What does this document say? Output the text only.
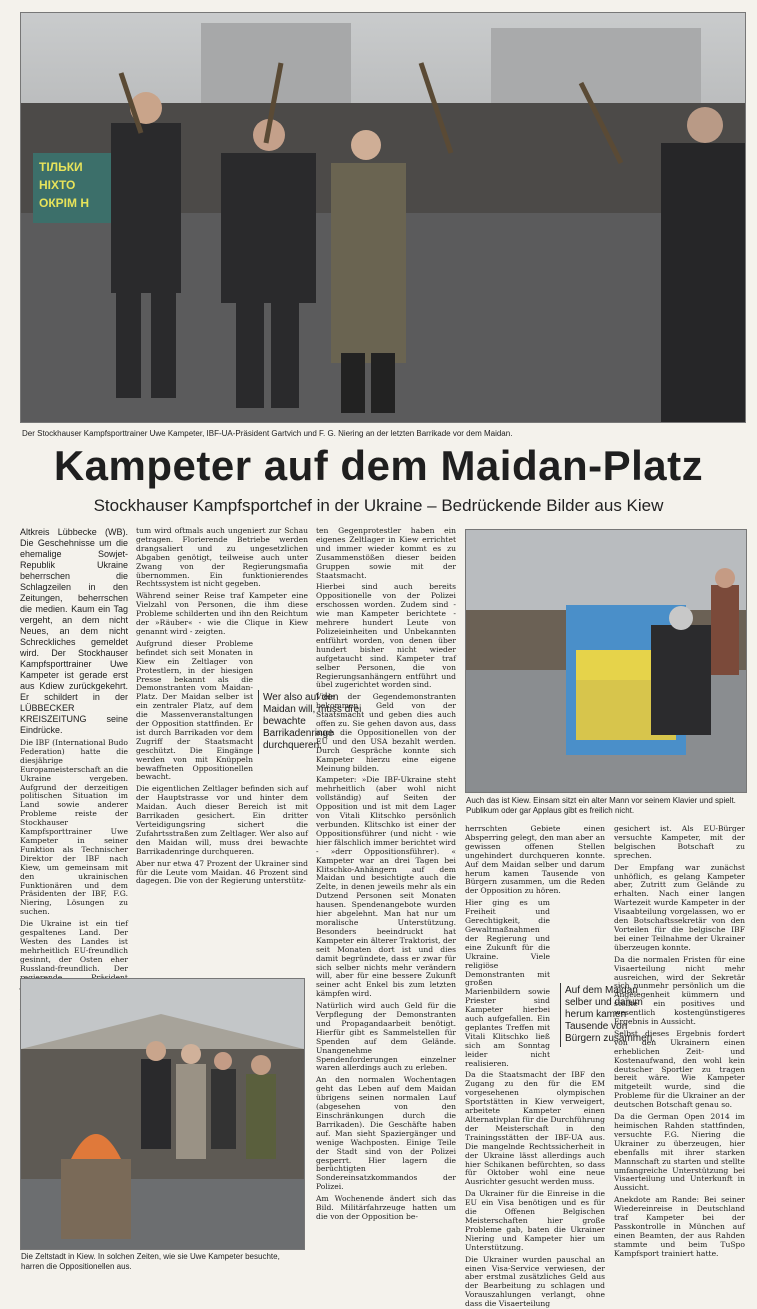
ТІЛЬКИ
НІХТО
ОКРІМ Н
Der Stockhauser Kampfsporttrainer Uwe Kampeter, IBF-UA-Präsident Gartvich und F. G. Niering an der letzten Barrikade vor dem Maidan.
Kampeter auf dem Maidan-Platz
Stockhauser Kampfsportchef in der Ukraine – Bedrückende Bilder aus Kiew

Altkreis Lübbecke (WB). Die Geschehnisse um die ehemalige Sowjet-Republik Ukraine beherrschen die Schlagzeilen in den Zeitungen, beherrschen die medien. Kaum ein Tag vergeht, an dem nicht Neues, an dem nicht Schreckliches gemeldet wird. Der Stockhauser Kampfsporttrainer Uwe Kampeter ist gerade erst aus Kdiew zurückgekehrt. Er schildert in der LÜBBECKER KREISZEITUNG seine Eindrücke.

Die IBF (International Budo Federation) hatte die diesjährige Europameisterschaft an die Ukraine vergeben. Aufgrund der derzeitigen politischen Situation im Land sowie anderer Probleme reiste der Stockhauser Kampfsporttrainer Uwe Kampeter in seiner Funktion als Technischer Direktor der IBF nach Kiew, um gemeinsam mit den ukrainischen Funktionären und dem Präsidenten der IBF, F.G. Niering, Lösungen zu suchen.

Die Ukraine ist ein tief gespaltenes Land. Der Westen des Landes ist mehrheitlich EU-freundlich gesinnt, der Osten eher Russland-freundlich. Der

tum wird oftmals auch ungeniert zur Schau getragen. Florierende Betriebe werden drangsaliert und zu ungesetzlichen Abgaben genötigt, teilweise auch unter Zwang von der Regierungsmafia übernommen. Ein funktionierendes Rechtssystem ist nicht gegeben.

Während seiner Reise traf Kampeter eine Vielzahl von Personen, die ihm diese Probleme schilderten und ihn den Reichtum der »Räuber« - wie die Clique in Kiew genannt wird - zeigten.

Aufgrund dieser Probleme befindet sich seit Monaten in Kiew ein Zeltlager von Protestlern, in der hiesigen Presse bekannt als die Demonstranten vom Maidan-Platz. Der Maidan selber ist ein zentraler Platz, auf dem die Massenveranstaltungen der Opposition stattfinden. Er ist durch Barrikaden vor dem Zugriff der Staatsmacht geschützt. Die Eingänge werden von mit Knüppeln bewaffneten Oppositionellen bewacht.

Die eigentlichen Zeltlager befinden sich auf der Hauptstrasse vor und hinter dem Maidan. Auch dieser Bereich ist mit Barrikaden gesichert. Ein dritter Verteidigungsring sichert die Zufahrtsstraßen zum Zeltlager. Wer also auf den Maidan will, muss drei bewachte Barrikadenringe durchqueren.

Aber nur etwa 47 Prozent der Ukrainer sind für die Leute vom Maidan. 46 Prozent sind dagegen. Die von der Regierung unterstütz-

Wer also auf den Maidan will, muss drei bewachte Barrikadenringe durchqueren.

ten Gegenprotestler haben ein eigenes Zeltlager in Kiew errichtet und immer wieder kommt es zu Zusammenstößen dieser beiden Gruppen sowie mit der Staatsmacht.

Hierbei sind auch bereits Oppositionelle von der Polizei erschossen worden. Zudem sind - wie man Kampeter berichtete - mehrere hundert Leute von Polizeieinheiten und Unbekannten entführt worden, von denen über hundert bisher nicht wieder aufgetaucht sind. Kampeter traf selber Personen, die von Regierungsanhängern entführt und übel zugerichtet worden sind.

Viele der Gegendemonstranten bekommen Geld von der Staatsmacht und geben dies auch offen zu. Sie gehen davon aus, dass auch die Oppositionellen von der EU und den USA bezahlt werden. Durch Gespräche konnte sich Kampeter hierzu eine eigene Meinung bilden.

Kampeter: »Die IBF-Ukraine steht mehrheitlich (aber wohl nicht vollständig) auf Seiten der Opposition und ist mit dem Lager von Vitali Klitschko persönlich verbunden. Klitschko ist einer der Oppositionsführer (und nicht - wie hier fälschlich immer berichtet wird - »derr Oppositionsführer). « Kampeter war an drei Tagen bei Klitschko-Anhängern auf dem Maidan und besichtigte auch die Zelte, in denen jeweils mehr als ein Dutzend Personen seit Monaten hausen. Spendenangebote wurden hier abgelehnt. Man hat nur um moralische Unterstützung. Besonders beeindruckt hat Kampeter ein älterer Traktorist, der seit Monaten dort ist und dies damit begründete, dass er zwar für sich selber nichts mehr verändern will, aber für eine bessere Zukunft seiner acht Enkel bis zum letzten kämpfen wird.

Natürlich wird auch Geld für die Verpflegung der Demonstranten und Propagandaarbeit benötigt. Hierfür gibt es Sammelstellen für Spenden auf dem Gelände. Unangenehme Spendenforderungen einzelner waren allerdings auch zu erleben.

An den normalen Wochentagen geht das Leben auf dem Maidan übrigens seinen normalen Lauf (abgesehen von den Einschränkungen durch die Barrikaden). Die Geschäfte haben auf. Man sieht Spaziergänger und wenige Wachposten. Einige Teile der Stadt sind von der Polizei gesperrt. Hier lagern die berüchtigten Sondereinsatzkommandos der Polizei.

Am Wochenende ändert sich das Bild. Militärfahrzeuge hatten um die von der Opposition be-

Auch das ist Kiew. Einsam sitzt ein alter Mann vor seinem Klavier und spielt. Publikum oder gar Applaus gibt es freilich nicht.

herrschten Gebiete einen Absperring gelegt, den man aber an gewissen offenen Stellen ungehindert durchqueren konnte. Auf dem Maidan selber und darum herum kamen Tausende von Bürgern zusammen, um die Reden der Opposition zu hören.

Hier ging es um Freiheit und Gerechtigkeit, die Gewaltmaßnahmen der Regierung und eine Zukunft für die Ukraine. Viele religiöse Demonstranten mit großen Marienbildern sowie Priester sind Kampeter hierbei auch aufgefallen. Ein geplantes Treffen mit Vitali Klitschko ließ sich am Sonntag leider nicht realisieren.

Da die Staatsmacht der IBF den Zugang zu den für die EM vorgesehenen olympischen Sportstätten in Kiew verweigert, arbeitete Kampeter einen Alternativplan für die Durchführung der Meisterschaft in den Trainingsstätten der IBF-UA aus. Die mangelnde Rechtssicherheit in der Ukraine lässt allerdings auch hier Schikanen befürchten, so dass für Oktober wohl eine neue Ausrichter gesucht werden muss.

Da Ukrainer für die Einreise in die EU ein Visa benötigen und es für die Offenen Belgischen Meisterschaften hier große Probleme gab, baten die Ukrainer Niering und Kampeter hier um Unterstützung.

Die Ukrainer wurden pauschal an einen Visa-Service verwiesen, der aber erstmal zusätzliches Geld aus der Bearbeitung zu schlagen und Vorauszahlungen verlangt, ohne dass die Visaerteilung

Auf dem Maidan selber und darum herum kamen Tausende von Bürgern zusammen.

gesichert ist. Als EU-Bürger versuchte Kampeter, mit der belgischen Botschaft zu sprechen.

Der Empfang war zunächst unhöflich, es gelang Kampeter aber, Zutritt zum Gelände zu erhalten. Nach einer langen Wartezeit wurde Kampeter in der Visaabteilung vorgelassen, wo er den Botschaftssekretär von den Vorteilen für die belgische IBF bei einer Teilnahme der Ukrainer überzeugen konnte.

Da die normalen Fristen für eine Visaerteilung nicht mehr ausreichen, wird der Sekretär sich nunmehr persönlich um die Angelegenheit kümmern und stellte ein positives und wesentlich kostengünstigeres Ergebnis in Aussicht.

Selbst dieses Ergebnis fordert von den Ukrainern einen erheblichen Zeit- und Kostenaufwand, den wohl kein deutscher Sportler zu tragen bereit wäre. Wie Kampeter mitgeteilt wurde, sind die Probleme für die Ukrainer an der deutschen Botschaft genau so.

Da die German Open 2014 im heimischen Rahden stattfinden, versuchte F.G. Niering die Ukrainer zu überzeugen, hier ebenfalls mit ihrer starken Mannschaft zu starten und stellte umfangreiche Unterstützung bei Visaerteilung und Unterkunft in Aussicht.

Anekdote am Rande: Bei seiner Wiedereinreise in Deutschland traf Kampeter bei der Passkontrolle in München auf einen Beamten, der aus Rahden stammte und beim TuSpo Kampfsport trainiert hatte.

Die Zeltstadt in Kiew. In solchen Zeiten, wie sie Uwe Kampeter besuchte, harren die Oppositionellen aus.
